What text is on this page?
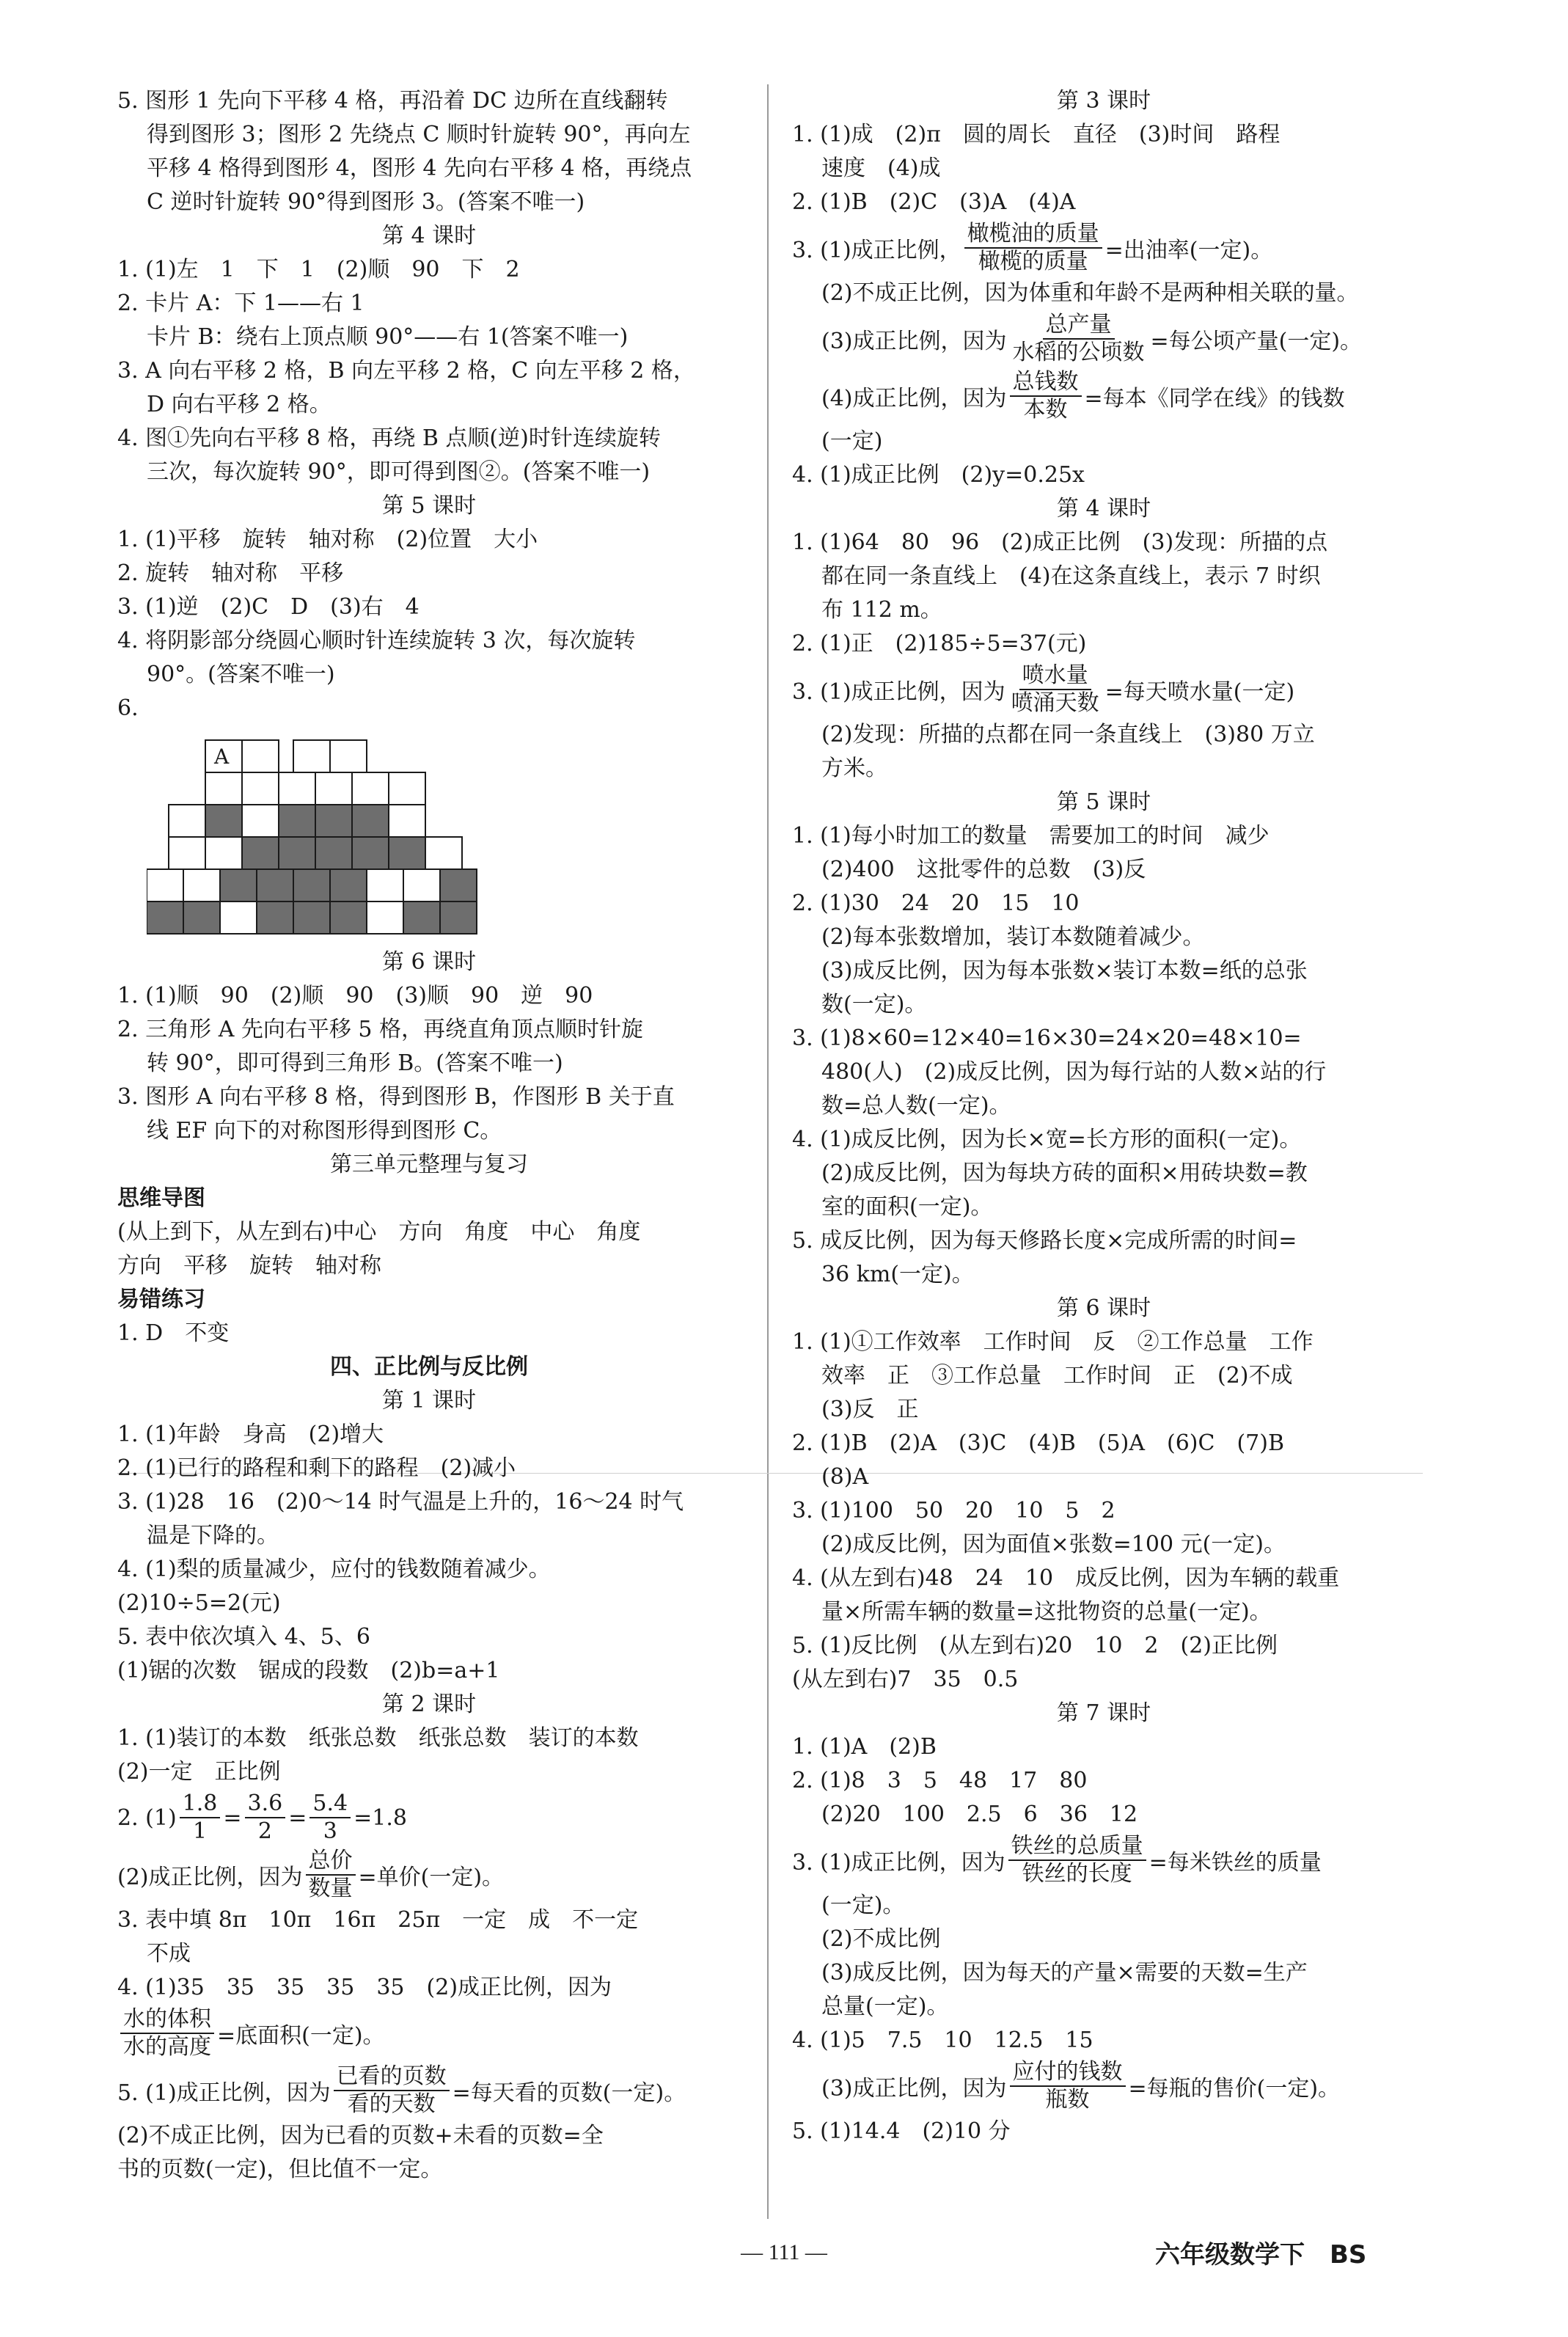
5. 图形 1 先向下平移 4 格，再沿着 DC 边所在直线翻转
得到图形 3；图形 2 先绕点 C 顺时针旋转 90°，再向左
平移 4 格得到图形 4，图形 4 先向右平移 4 格，再绕点
C 逆时针旋转 90°得到图形 3。(答案不唯一)
第 4 课时
1. (1)左　1　下　1　(2)顺　90　下　2
2. 卡片 A：下 1——右 1
卡片 B：绕右上顶点顺 90°——右 1(答案不唯一)
3. A 向右平移 2 格，B 向左平移 2 格，C 向左平移 2 格，
D 向右平移 2 格。
4. 图①先向右平移 8 格，再绕 B 点顺(逆)时针连续旋转
三次，每次旋转 90°，即可得到图②。(答案不唯一)
第 5 课时
1. (1)平移　旋转　轴对称　(2)位置　大小
2. 旋转　轴对称　平移
3. (1)逆　(2)C　D　(3)右　4
4. 将阴影部分绕圆心顺时针连续旋转 3 次，每次旋转
90°。(答案不唯一)
6.
A
第 6 课时
1. (1)顺　90　(2)顺　90　(3)顺　90　逆　90
2. 三角形 A 先向右平移 5 格，再绕直角顶点顺时针旋
转 90°，即可得到三角形 B。(答案不唯一)
3. 图形 A 向右平移 8 格，得到图形 B，作图形 B 关于直
线 EF 向下的对称图形得到图形 C。
第三单元整理与复习
思维导图
(从上到下，从左到右)中心　方向　角度　中心　角度
方向　平移　旋转　轴对称
易错练习
1. D　不变
四、正比例与反比例
第 1 课时
1. (1)年龄　身高　(2)增大
2. (1)已行的路程和剩下的路程　(2)减小
3. (1)28　16　(2)0～14 时气温是上升的，16～24 时气
温是下降的。
4. (1)梨的质量减少，应付的钱数随着减少。
(2)10÷5=2(元)
5. 表中依次填入 4、5、6
(1)锯的次数　锯成的段数　(2)b=a+1
第 2 课时
1. (1)装订的本数　纸张总数　纸张总数　装订的本数
(2)一定　正比例
2. $(1) \frac{1.8}{1} = \frac{3.6}{2} = \frac{5.4}{3} =1.8$
(2)成正比例，因为 $\frac{\text{总价}}{\text{数量}}$ =单价(一定)。
3. 表中填 8π　10π　16π　25π　一定　成　不一定
不成
4. (1)35　35　35　35　35　(2)成正比例，因为
$\frac{\text{水的体积}}{\text{水的高度}}$ =底面积(一定)。
5. (1)成正比例，因为 $\frac{\text{已看的页数}}{\text{看的天数}}$ =每天看的页数(一定)。
(2)不成正比例，因为已看的页数+未看的页数=全
书的页数(一定)，但比值不一定。
第 3 课时
1. (1)成　(2)π　圆的周长　直径　(3)时间　路程
速度　(4)成
2. (1)B　(2)C　(3)A　(4)A
3. (1)成正比例， $\frac{\text{橄榄油的质量}}{\text{橄榄的质量}}$ =出油率(一定)。
(2)不成正比例，因为体重和年龄不是两种相关联的量。
(3)成正比例，因为 $\frac{\text{总产量}}{\text{水稻的公顷数}}$ =每公顷产量(一定)。
(4)成正比例，因为 $\frac{\text{总钱数}}{\text{本数}}$ =每本《同学在线》的钱数
(一定)
4. (1)成正比例　(2)y=0.25x
第 4 课时
1. (1)64　80　96　(2)成正比例　(3)发现：所描的点
都在同一条直线上　(4)在这条直线上，表示 7 时织
布 112 m。
2. (1)正　(2)185÷5=37(元)
3. (1)成正比例，因为 $\frac{\text{喷水量}}{\text{喷涌天数}}$ =每天喷水量(一定)
(2)发现：所描的点都在同一条直线上　(3)80 万立
方米。
第 5 课时
1. (1)每小时加工的数量　需要加工的时间　减少
(2)400　这批零件的总数　(3)反
2. (1)30　24　20　15　10
(2)每本张数增加，装订本数随着减少。
(3)成反比例，因为每本张数×装订本数=纸的总张
数(一定)。
3. (1)8×60=12×40=16×30=24×20=48×10=
480(人)　(2)成反比例，因为每行站的人数×站的行
数=总人数(一定)。
4. (1)成反比例，因为长×宽=长方形的面积(一定)。
(2)成反比例，因为每块方砖的面积×用砖块数=教
室的面积(一定)。
5. 成反比例，因为每天修路长度×完成所需的时间=
36 km(一定)。
第 6 课时
1. (1)①工作效率　工作时间　反　②工作总量　工作
效率　正　③工作总量　工作时间　正　(2)不成
(3)反　正
2. (1)B　(2)A　(3)C　(4)B　(5)A　(6)C　(7)B
(8)A
3. (1)100　50　20　10　5　2
(2)成反比例，因为面值×张数=100 元(一定)。
4. (从左到右)48　24　10　成反比例，因为车辆的载重
量×所需车辆的数量=这批物资的总量(一定)。
5. (1)反比例　(从左到右)20　10　2　(2)正比例
(从左到右)7　35　0.5
第 7 课时
1. (1)A　(2)B
2. (1)8　3　5　48　17　80
(2)20　100　2.5　6　36　12
3. (1)成正比例，因为 $\frac{\text{铁丝的总质量}}{\text{铁丝的长度}}$ =每米铁丝的质量
(一定)。
(2)不成比例
(3)成反比例，因为每天的产量×需要的天数=生产
总量(一定)。
4. (1)5　7.5　10　12.5　15
(3)成正比例，因为 $\frac{\text{应付的钱数}}{\text{瓶数}}$ =每瓶的售价(一定)。
5. (1)14.4　(2)10 分
— 111 —	六年级数学下　BS
